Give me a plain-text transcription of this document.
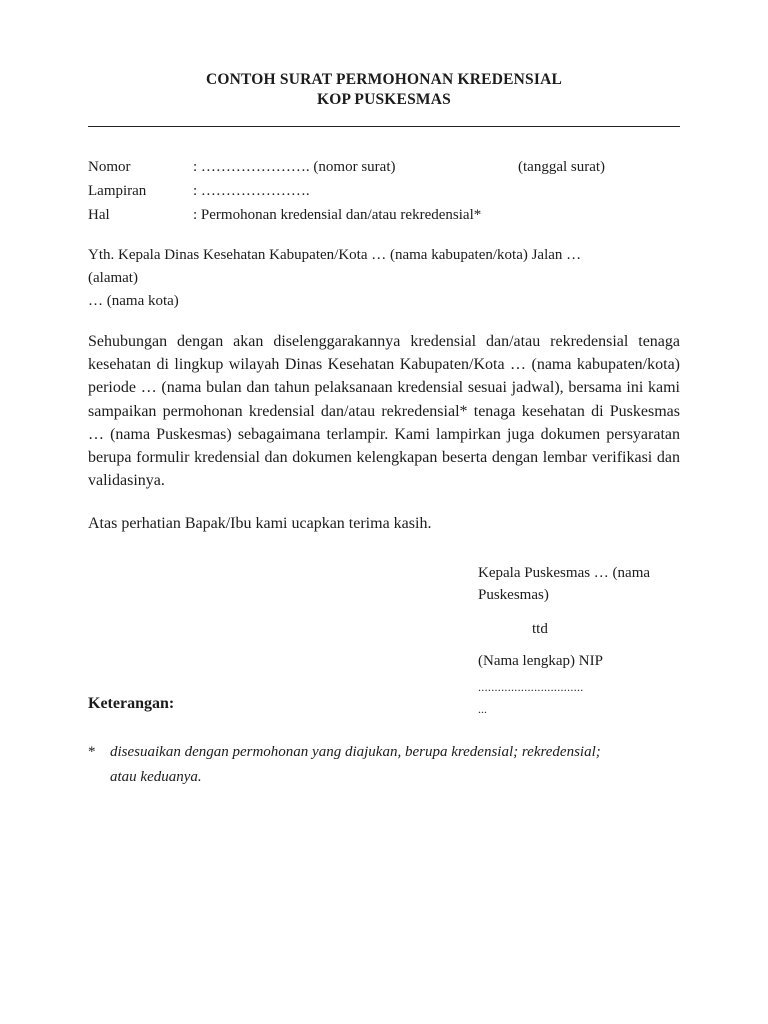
CONTOH SURAT PERMOHONAN KREDENSIAL
KOP PUSKESMAS
Nomor	: …………………. (nomor surat)	(tanggal surat)
Lampiran	: ………………….
Hal	: Permohonan kredensial dan/atau rekredensial*
Yth. Kepala Dinas Kesehatan Kabupaten/Kota … (nama kabupaten/kota) Jalan …
(alamat)
… (nama kota)
Sehubungan dengan akan diselenggarakannya kredensial dan/atau rekredensial tenaga kesehatan di lingkup wilayah Dinas Kesehatan Kabupaten/Kota … (nama kabupaten/kota) periode … (nama bulan dan tahun pelaksanaan kredensial sesuai jadwal), bersama ini kami sampaikan permohonan kredensial dan/atau rekredensial* tenaga kesehatan di Puskesmas … (nama Puskesmas) sebagaimana terlampir. Kami lampirkan juga dokumen persyaratan berupa formulir kredensial dan dokumen kelengkapan beserta dengan lembar verifikasi dan validasinya.
Atas perhatian Bapak/Ibu kami ucapkan terima kasih.
Kepala Puskesmas … (nama Puskesmas)
ttd
(Nama lengkap) NIP
................................
...
Keterangan:
* disesuaikan dengan permohonan yang diajukan, berupa kredensial; rekredensial; atau keduanya.
